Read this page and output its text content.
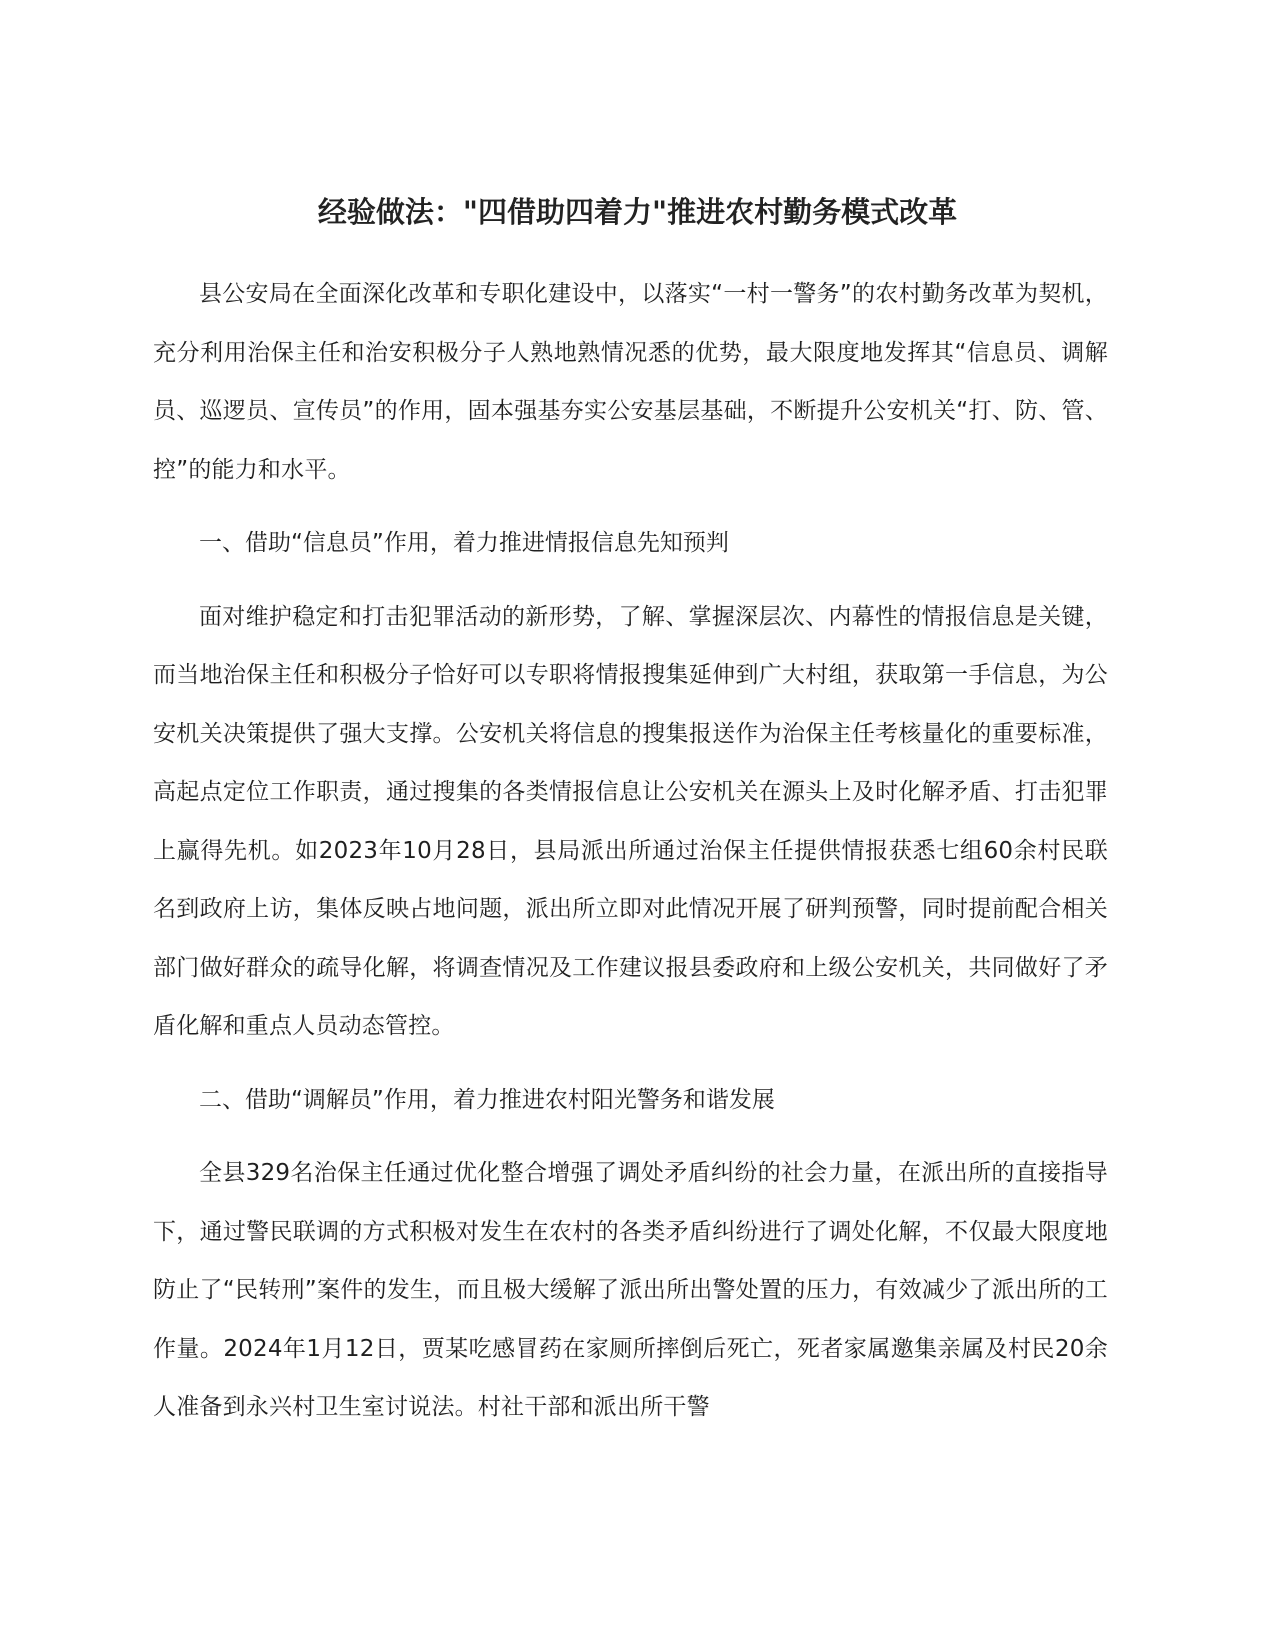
经验做法："四借助四着力"推进农村勤务模式改革

县公安局在全面深化改革和专职化建设中，以落实“一村一警务”的农村勤务改革为契机，充分利用治保主任和治安积极分子人熟地熟情况悉的优势，最大限度地发挥其“信息员、调解员、巡逻员、宣传员”的作用，固本强基夯实公安基层基础，不断提升公安机关“打、防、管、控”的能力和水平。

一、借助“信息员”作用，着力推进情报信息先知预判

面对维护稳定和打击犯罪活动的新形势，了解、掌握深层次、内幕性的情报信息是关键，而当地治保主任和积极分子恰好可以专职将情报搜集延伸到广大村组，获取第一手信息，为公安机关决策提供了强大支撑。公安机关将信息的搜集报送作为治保主任考核量化的重要标准，高起点定位工作职责，通过搜集的各类情报信息让公安机关在源头上及时化解矛盾、打击犯罪上赢得先机。如2023年10月28日，县局派出所通过治保主任提供情报获悉七组60余村民联名到政府上访，集体反映占地问题，派出所立即对此情况开展了研判预警，同时提前配合相关部门做好群众的疏导化解，将调查情况及工作建议报县委政府和上级公安机关，共同做好了矛盾化解和重点人员动态管控。

二、借助“调解员”作用，着力推进农村阳光警务和谐发展

全县329名治保主任通过优化整合增强了调处矛盾纠纷的社会力量，在派出所的直接指导下，通过警民联调的方式积极对发生在农村的各类矛盾纠纷进行了调处化解，不仅最大限度地防止了“民转刑”案件的发生，而且极大缓解了派出所出警处置的压力，有效减少了派出所的工作量。2024年1月12日，贾某吃感冒药在家厕所摔倒后死亡，死者家属邀集亲属及村民20余人准备到永兴村卫生室讨说法。村社干部和派出所干警
